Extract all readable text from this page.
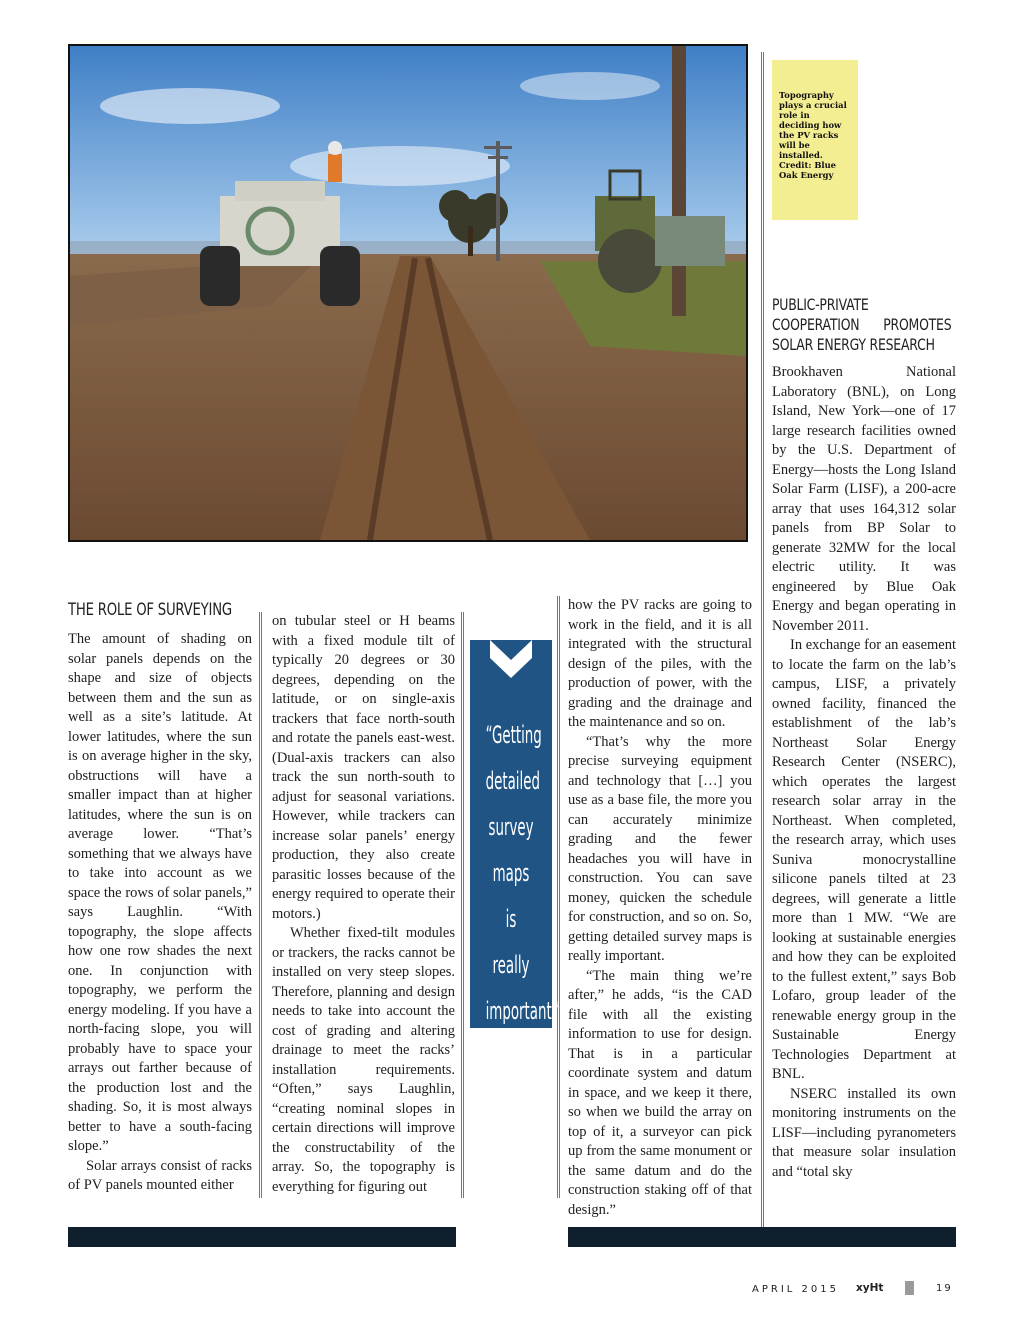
Topography plays a crucial role in deciding how the PV racks will be installed. Credit: Blue Oak Energy
THE ROLE OF SURVEYING

The amount of shading on solar panels depends on the shape and size of objects between them and the sun as well as a site’s latitude. At lower latitudes, where the sun is on average higher in the sky, obstructions will have a smaller impact than at higher latitudes, where the sun is on average lower. “That’s something that we always have to take into account as we space the rows of solar panels,” says Laughlin. “With topography, the slope affects how one row shades the next one. In conjunction with topography, we perform the energy modeling. If you have a north-facing slope, you will probably have to space your arrays out farther because of the production lost and the shading. So, it is most always better to have a south-facing slope.”

Solar arrays consist of racks of PV panels mounted either

on tubular steel or H beams with a fixed module tilt of typically 20 degrees or 30 degrees, depending on the latitude, or on single-axis trackers that face north-south and rotate the panels east-west. (Dual-axis trackers can also track the sun north-south to adjust for seasonal variations. However, while trackers can increase solar panels’ energy production, they also create parasitic losses because of the energy required to operate their motors.)

Whether fixed-tilt modules or trackers, the racks cannot be installed on very steep slopes. Therefore, planning and design needs to take into account the cost of grading and altering drainage to meet the racks’ installation requirements. “Often,” says Laughlin, “creating nominal slopes in certain directions will improve the constructability of the array. So, the topography is everything for figuring out

“Getting
detailed
survey
maps is
really
important.”

how the PV racks are going to work in the field, and it is all integrated with the structural design of the piles, with the production of power, with the grading and the drainage and the maintenance and so on.

“That’s why the more precise surveying equipment and technology that […] you use as a base file, the more you can accurately minimize grading and the fewer headaches you will have in construction. You can save money, quicken the schedule for construction, and so on. So, getting detailed survey maps is really important.

“The main thing we’re after,” he adds, “is the CAD file with all the existing information to use for design. That is in a particular coordinate system and datum in space, and we keep it there, so when we build the array on top of it, a surveyor can pick up from the same monument or the same datum and do the construction staking off of that design.”

PUBLIC-PRIVATE COOPERATION PROMOTES SOLAR ENERGY RESEARCH

Brookhaven National Laboratory (BNL), on Long Island, New York—one of 17 large research facilities owned by the U.S. Department of Energy—hosts the Long Island Solar Farm (LISF), a 200-acre array that uses 164,312 solar panels from BP Solar to generate 32MW for the local electric utility. It was engineered by Blue Oak Energy and began operating in November 2011.

In exchange for an easement to locate the farm on the lab’s campus, LISF, a privately owned facility, financed the establishment of the lab’s Northeast Solar Energy Research Center (NSERC), which operates the largest research solar array in the Northeast. When completed, the research array, which uses Suniva monocrystalline silicone panels tilted at 23 degrees, will generate a little more than 1 MW. “We are looking at sustainable energies and how they can be exploited to the fullest extent,” says Bob Lofaro, group leader of the renewable energy group in the Sustainable Energy Technologies Department at BNL.

NSERC installed its own monitoring instruments on the LISF—including pyranometers that measure solar insulation and “total sky

APRIL 2015 xyHt	19
